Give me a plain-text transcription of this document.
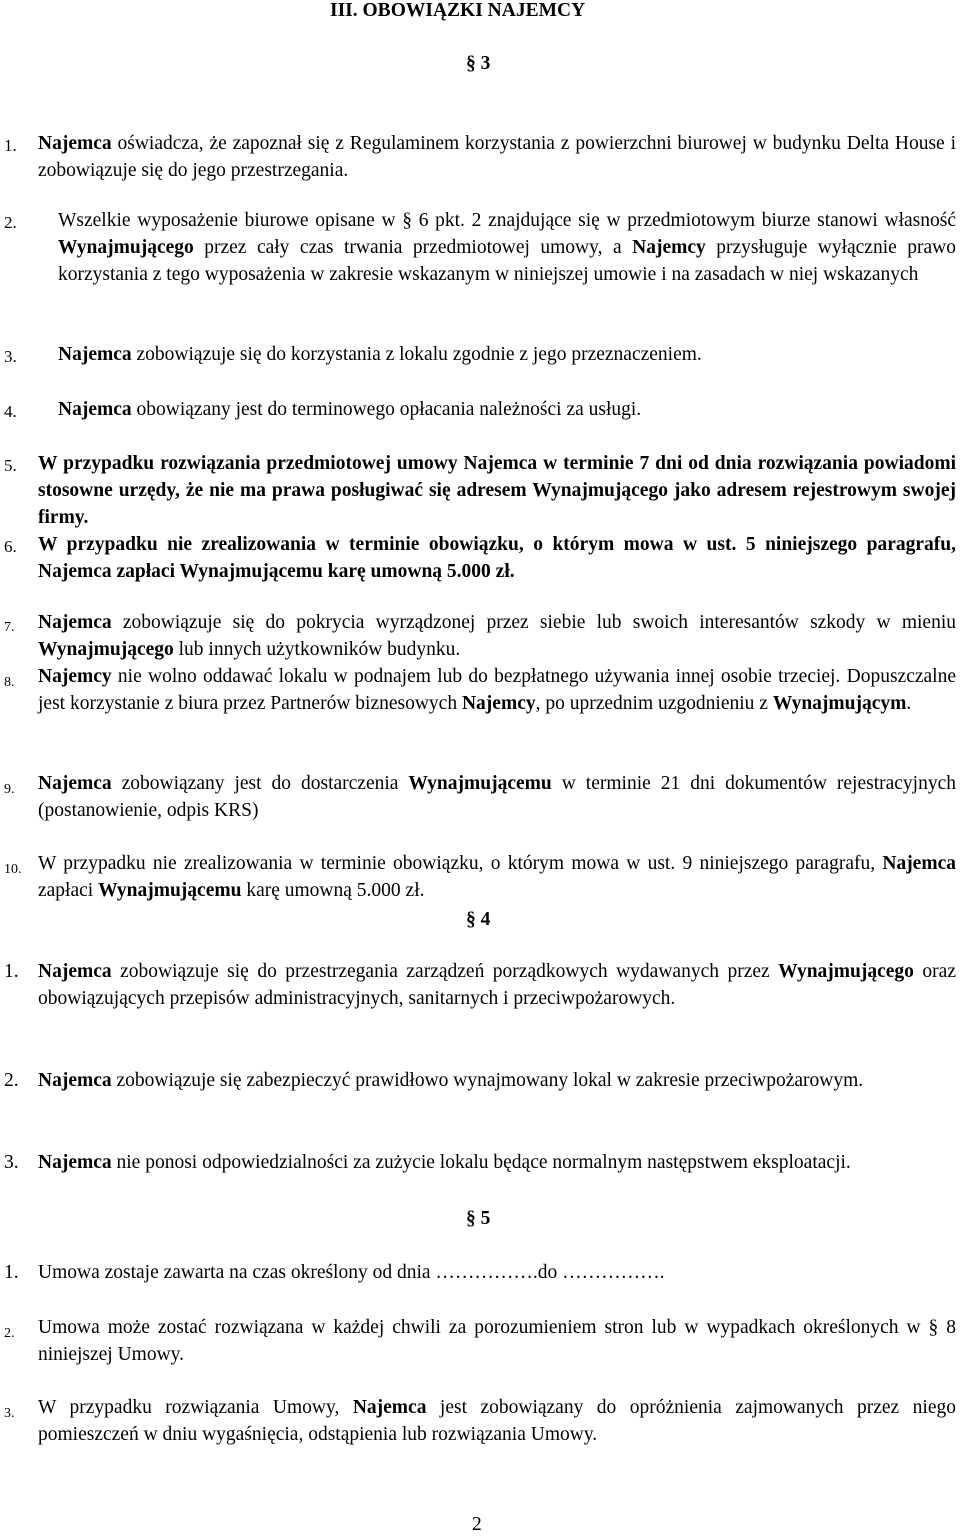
III. OBOWIĄZKI NAJEMCY
§ 3
1. Najemca oświadcza, że zapoznał się z Regulaminem korzystania z powierzchni biurowej w budynku Delta House i zobowiązuje się do jego przestrzegania.
2. Wszelkie wyposażenie biurowe opisane w § 6 pkt. 2 znajdujące się w przedmiotowym biurze stanowi własność Wynajmującego przez cały czas trwania przedmiotowej umowy, a Najemcy przysługuje wyłącznie prawo korzystania z tego wyposażenia w zakresie wskazanym w niniejszej umowie i na zasadach w niej wskazanych
3. Najemca zobowiązuje się do korzystania z lokalu zgodnie z jego przeznaczeniem.
4. Najemca obowiązany jest do terminowego opłacania należności za usługi.
5. W przypadku rozwiązania przedmiotowej umowy Najemca w terminie 7 dni od dnia rozwiązania powiadomi stosowne urzędy, że nie ma prawa posługiwać się adresem Wynajmującego jako adresem rejestrowym swojej firmy.
6. W przypadku nie zrealizowania w terminie obowiązku, o którym mowa w ust. 5 niniejszego paragrafu, Najemca zapłaci Wynajmującemu karę umowną 5.000 zł.
7. Najemca zobowiązuje się do pokrycia wyrządzonej przez siebie lub swoich interesantów szkody w mieniu Wynajmującego lub innych użytkowników budynku.
8. Najemcy nie wolno oddawać lokalu w podnajem lub do bezpłatnego używania innej osobie trzeciej. Dopuszczalne jest korzystanie z biura przez Partnerów biznesowych Najemcy, po uprzednim uzgodnieniu z Wynajmującym.
9. Najemca zobowiązany jest do dostarczenia Wynajmującemu w terminie 21 dni dokumentów rejestracyjnych (postanowienie, odpis KRS)
10. W przypadku nie zrealizowania w terminie obowiązku, o którym mowa w ust. 9 niniejszego paragrafu, Najemca zapłaci Wynajmującemu karę umowną 5.000 zł.
§ 4
1. Najemca zobowiązuje się do przestrzegania zarządzeń porządkowych wydawanych przez Wynajmującego oraz obowiązujących przepisów administracyjnych, sanitarnych i przeciwpożarowych.
2. Najemca zobowiązuje się zabezpieczyć prawidłowo wynajmowany lokal w zakresie przeciwpożarowym.
3. Najemca nie ponosi odpowiedzialności za zużycie lokalu będące normalnym następstwem eksploatacji.
§ 5
1. Umowa zostaje zawarta na czas określony od dnia …………….do …………….
2. Umowa może zostać rozwiązana w każdej chwili za porozumieniem stron lub w wypadkach określonych w § 8 niniejszej Umowy.
3. W przypadku rozwiązania Umowy, Najemca jest zobowiązany do opróżnienia zajmowanych przez niego pomieszczeń w dniu wygaśnięcia, odstąpienia lub rozwiązania Umowy.
2
